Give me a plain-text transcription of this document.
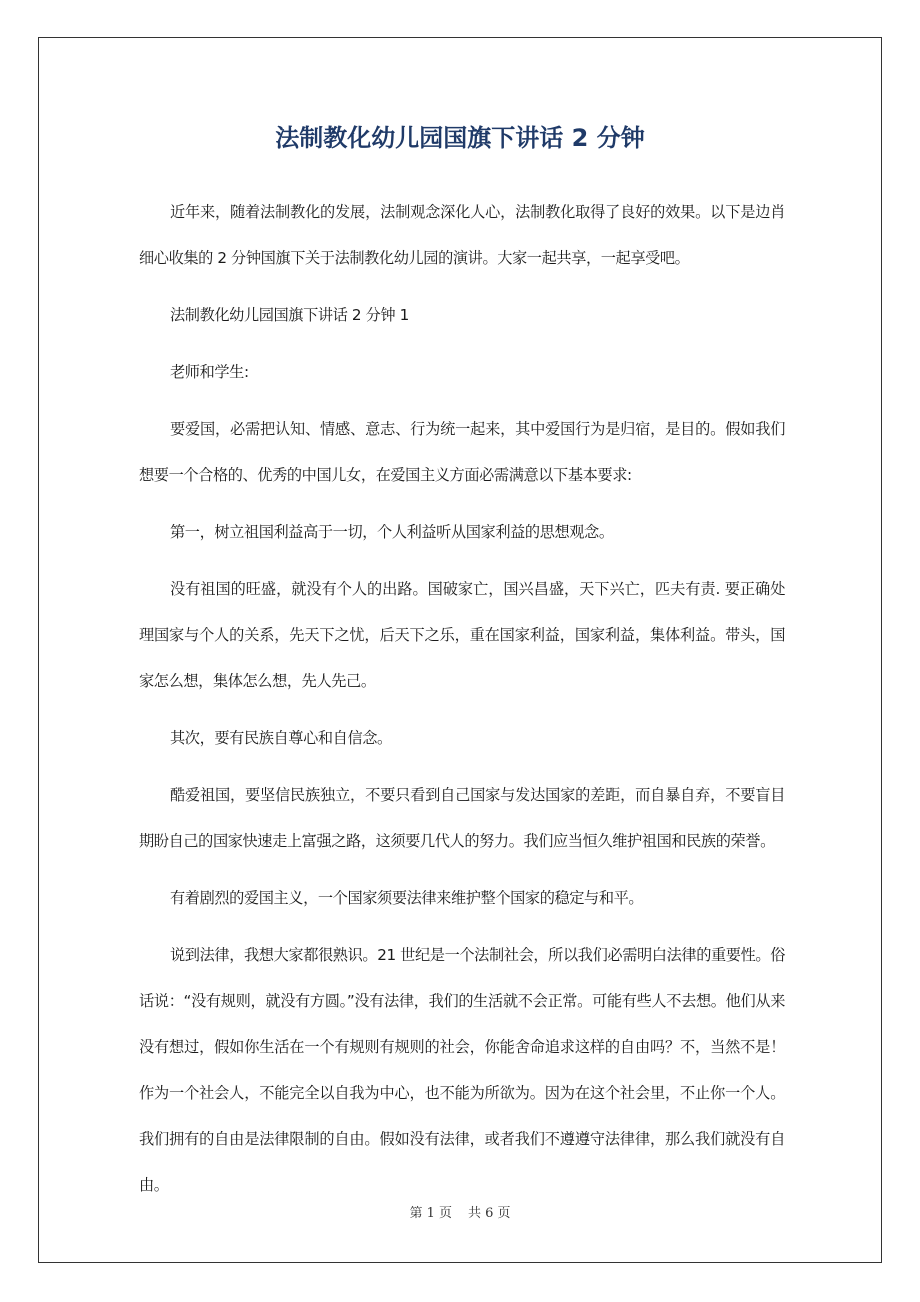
法制教化幼儿园国旗下讲话 2 分钟

近年来，随着法制教化的发展，法制观念深化人心，法制教化取得了良好的效果。以下是边肖细心收集的 2 分钟国旗下关于法制教化幼儿园的演讲。大家一起共享，一起享受吧。

法制教化幼儿园国旗下讲话 2 分钟 1

老师和学生:

要爱国，必需把认知、情感、意志、行为统一起来，其中爱国行为是归宿，是目的。假如我们想要一个合格的、优秀的中国儿女，在爱国主义方面必需满意以下基本要求:

第一，树立祖国利益高于一切，个人利益听从国家利益的思想观念。

没有祖国的旺盛，就没有个人的出路。国破家亡，国兴昌盛，天下兴亡，匹夫有责. 要正确处理国家与个人的关系，先天下之忧，后天下之乐，重在国家利益，国家利益，集体利益。带头，国家怎么想，集体怎么想，先人先己。

其次，要有民族自尊心和自信念。

酷爱祖国，要坚信民族独立，不要只看到自己国家与发达国家的差距，而自暴自弃，不要盲目期盼自己的国家快速走上富强之路，这须要几代人的努力。我们应当恒久维护祖国和民族的荣誉。

有着剧烈的爱国主义，一个国家须要法律来维护整个国家的稳定与和平。

说到法律，我想大家都很熟识。21 世纪是一个法制社会，所以我们必需明白法律的重要性。俗话说：“没有规则，就没有方圆。”没有法律，我们的生活就不会正常。可能有些人不去想。他们从来没有想过，假如你生活在一个有规则有规则的社会，你能舍命追求这样的自由吗？不，当然不是！作为一个社会人，不能完全以自我为中心，也不能为所欲为。因为在这个社会里，不止你一个人。我们拥有的自由是法律限制的自由。假如没有法律，或者我们不遵遵守法律律，那么我们就没有自由。

第 1 页 共 6 页
